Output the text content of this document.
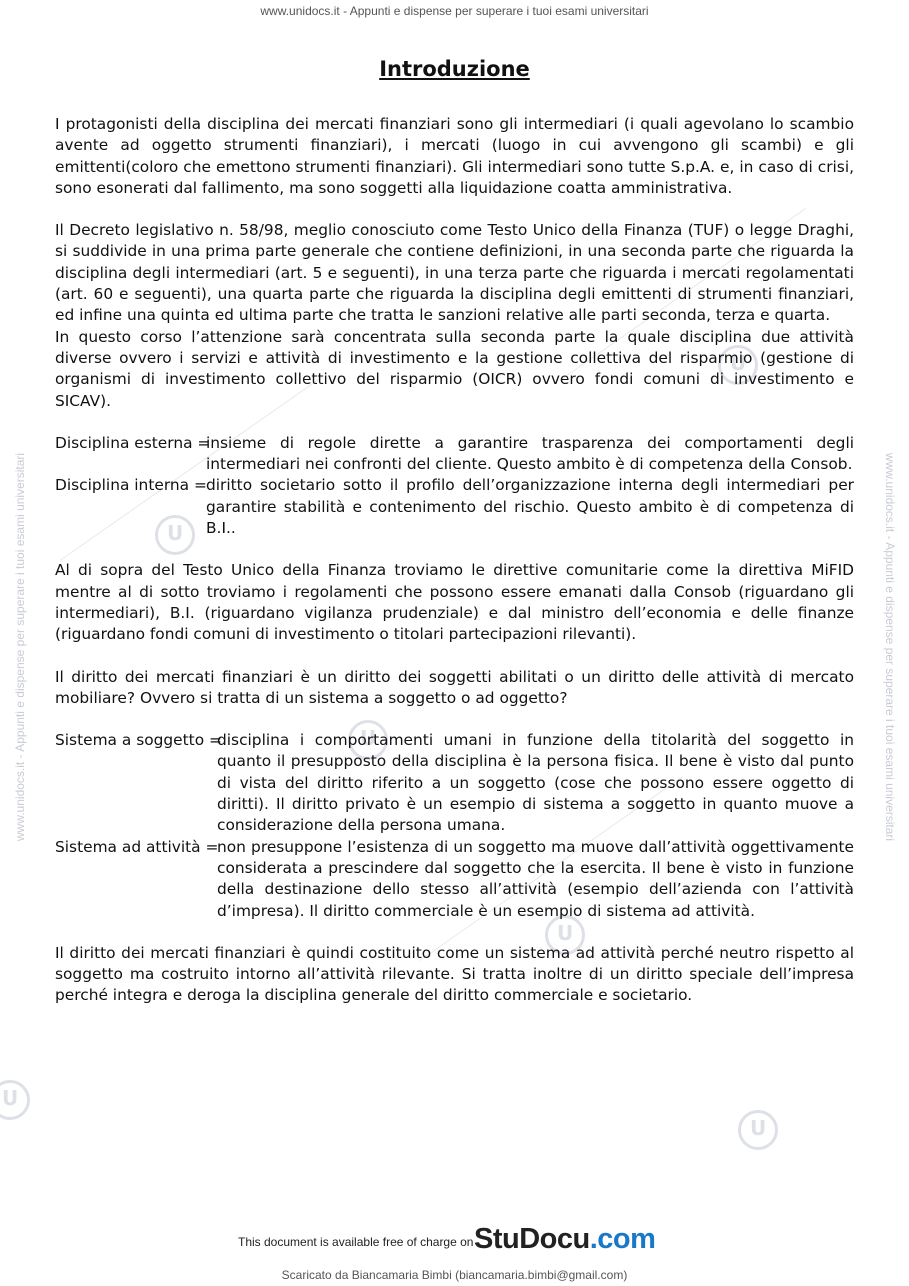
www.unidocs.it - Appunti e dispense per superare i tuoi esami universitari
www.unidocs.it - Appunti e dispense per superare i tuoi esami universitari	www.unidocs.it - Appunti e dispense per superare i tuoi esami universitari
U
U
U
U
U
U
Introduzione

I protagonisti della disciplina dei mercati finanziari sono gli intermediari (i quali agevolano lo scambio avente ad oggetto strumenti finanziari), i mercati (luogo in cui avvengono gli scambi) e gli emittenti(coloro che emettono strumenti finanziari). Gli intermediari sono tutte S.p.A. e, in caso di crisi, sono esonerati dal fallimento, ma sono soggetti alla liquidazione coatta amministrativa.

Il Decreto legislativo n. 58/98, meglio conosciuto come Testo Unico della Finanza (TUF) o legge Draghi, si suddivide in una prima parte generale che contiene definizioni, in una seconda parte che riguarda la disciplina degli intermediari (art. 5 e seguenti), in una terza parte che riguarda i mercati regolamentati (art. 60 e seguenti), una quarta parte che riguarda la disciplina degli emittenti di strumenti finanziari, ed infine una quinta ed ultima parte che tratta le sanzioni relative alle parti seconda, terza e quarta.

In questo corso l’attenzione sarà concentrata sulla seconda parte la quale disciplina due attività diverse ovvero i servizi e attività di investimento e la gestione collettiva del risparmio (gestione di organismi di investimento collettivo del risparmio (OICR) ovvero fondi comuni di investimento e SICAV).

Disciplina esterna =
insieme di regole dirette a garantire trasparenza dei comportamenti degli intermediari nei confronti del cliente. Questo ambito è di competenza della Consob.
Disciplina interna = diritto societario sotto il profilo dell’organizzazione interna degli intermediari per garantire stabilità e contenimento del rischio. Questo ambito è di competenza di B.I..

Al di sopra del Testo Unico della Finanza troviamo le direttive comunitarie come la direttiva MiFID mentre al di sotto troviamo i regolamenti che possono essere emanati dalla Consob (riguardano gli intermediari), B.I. (riguardano vigilanza prudenziale) e dal ministro dell’economia e delle finanze (riguardano fondi comuni di investimento o titolari partecipazioni rilevanti).

Il diritto dei mercati finanziari è un diritto dei soggetti abilitati o un diritto delle attività di mercato mobiliare? Ovvero si tratta di un sistema a soggetto o ad oggetto?

Sistema a soggetto =
disciplina i comportamenti umani in funzione della titolarità del soggetto in quanto il presupposto della disciplina è la persona fisica. Il bene è visto dal punto di vista del diritto riferito a un soggetto (cose che possono essere oggetto di diritti). Il diritto privato è un esempio di sistema a soggetto in quanto muove a considerazione della persona umana.
Sistema ad attività =
non presuppone l’esistenza di un soggetto ma muove dall’attività oggettivamente considerata a prescindere dal soggetto che la esercita. Il bene è visto in funzione della destinazione dello stesso all’attività (esempio dell’azienda con l’attività d’impresa). Il diritto commerciale è un esempio di sistema ad attività.

Il diritto dei mercati finanziari è quindi costituito come un sistema ad attività perché neutro rispetto al soggetto ma costruito intorno all’attività rilevante. Si tratta inoltre di un diritto speciale dell’impresa perché integra e deroga la disciplina generale del diritto commerciale e societario.

This document is available free of charge on StuDocu.com
Scaricato da Biancamaria Bimbi (biancamaria.bimbi@gmail.com)
